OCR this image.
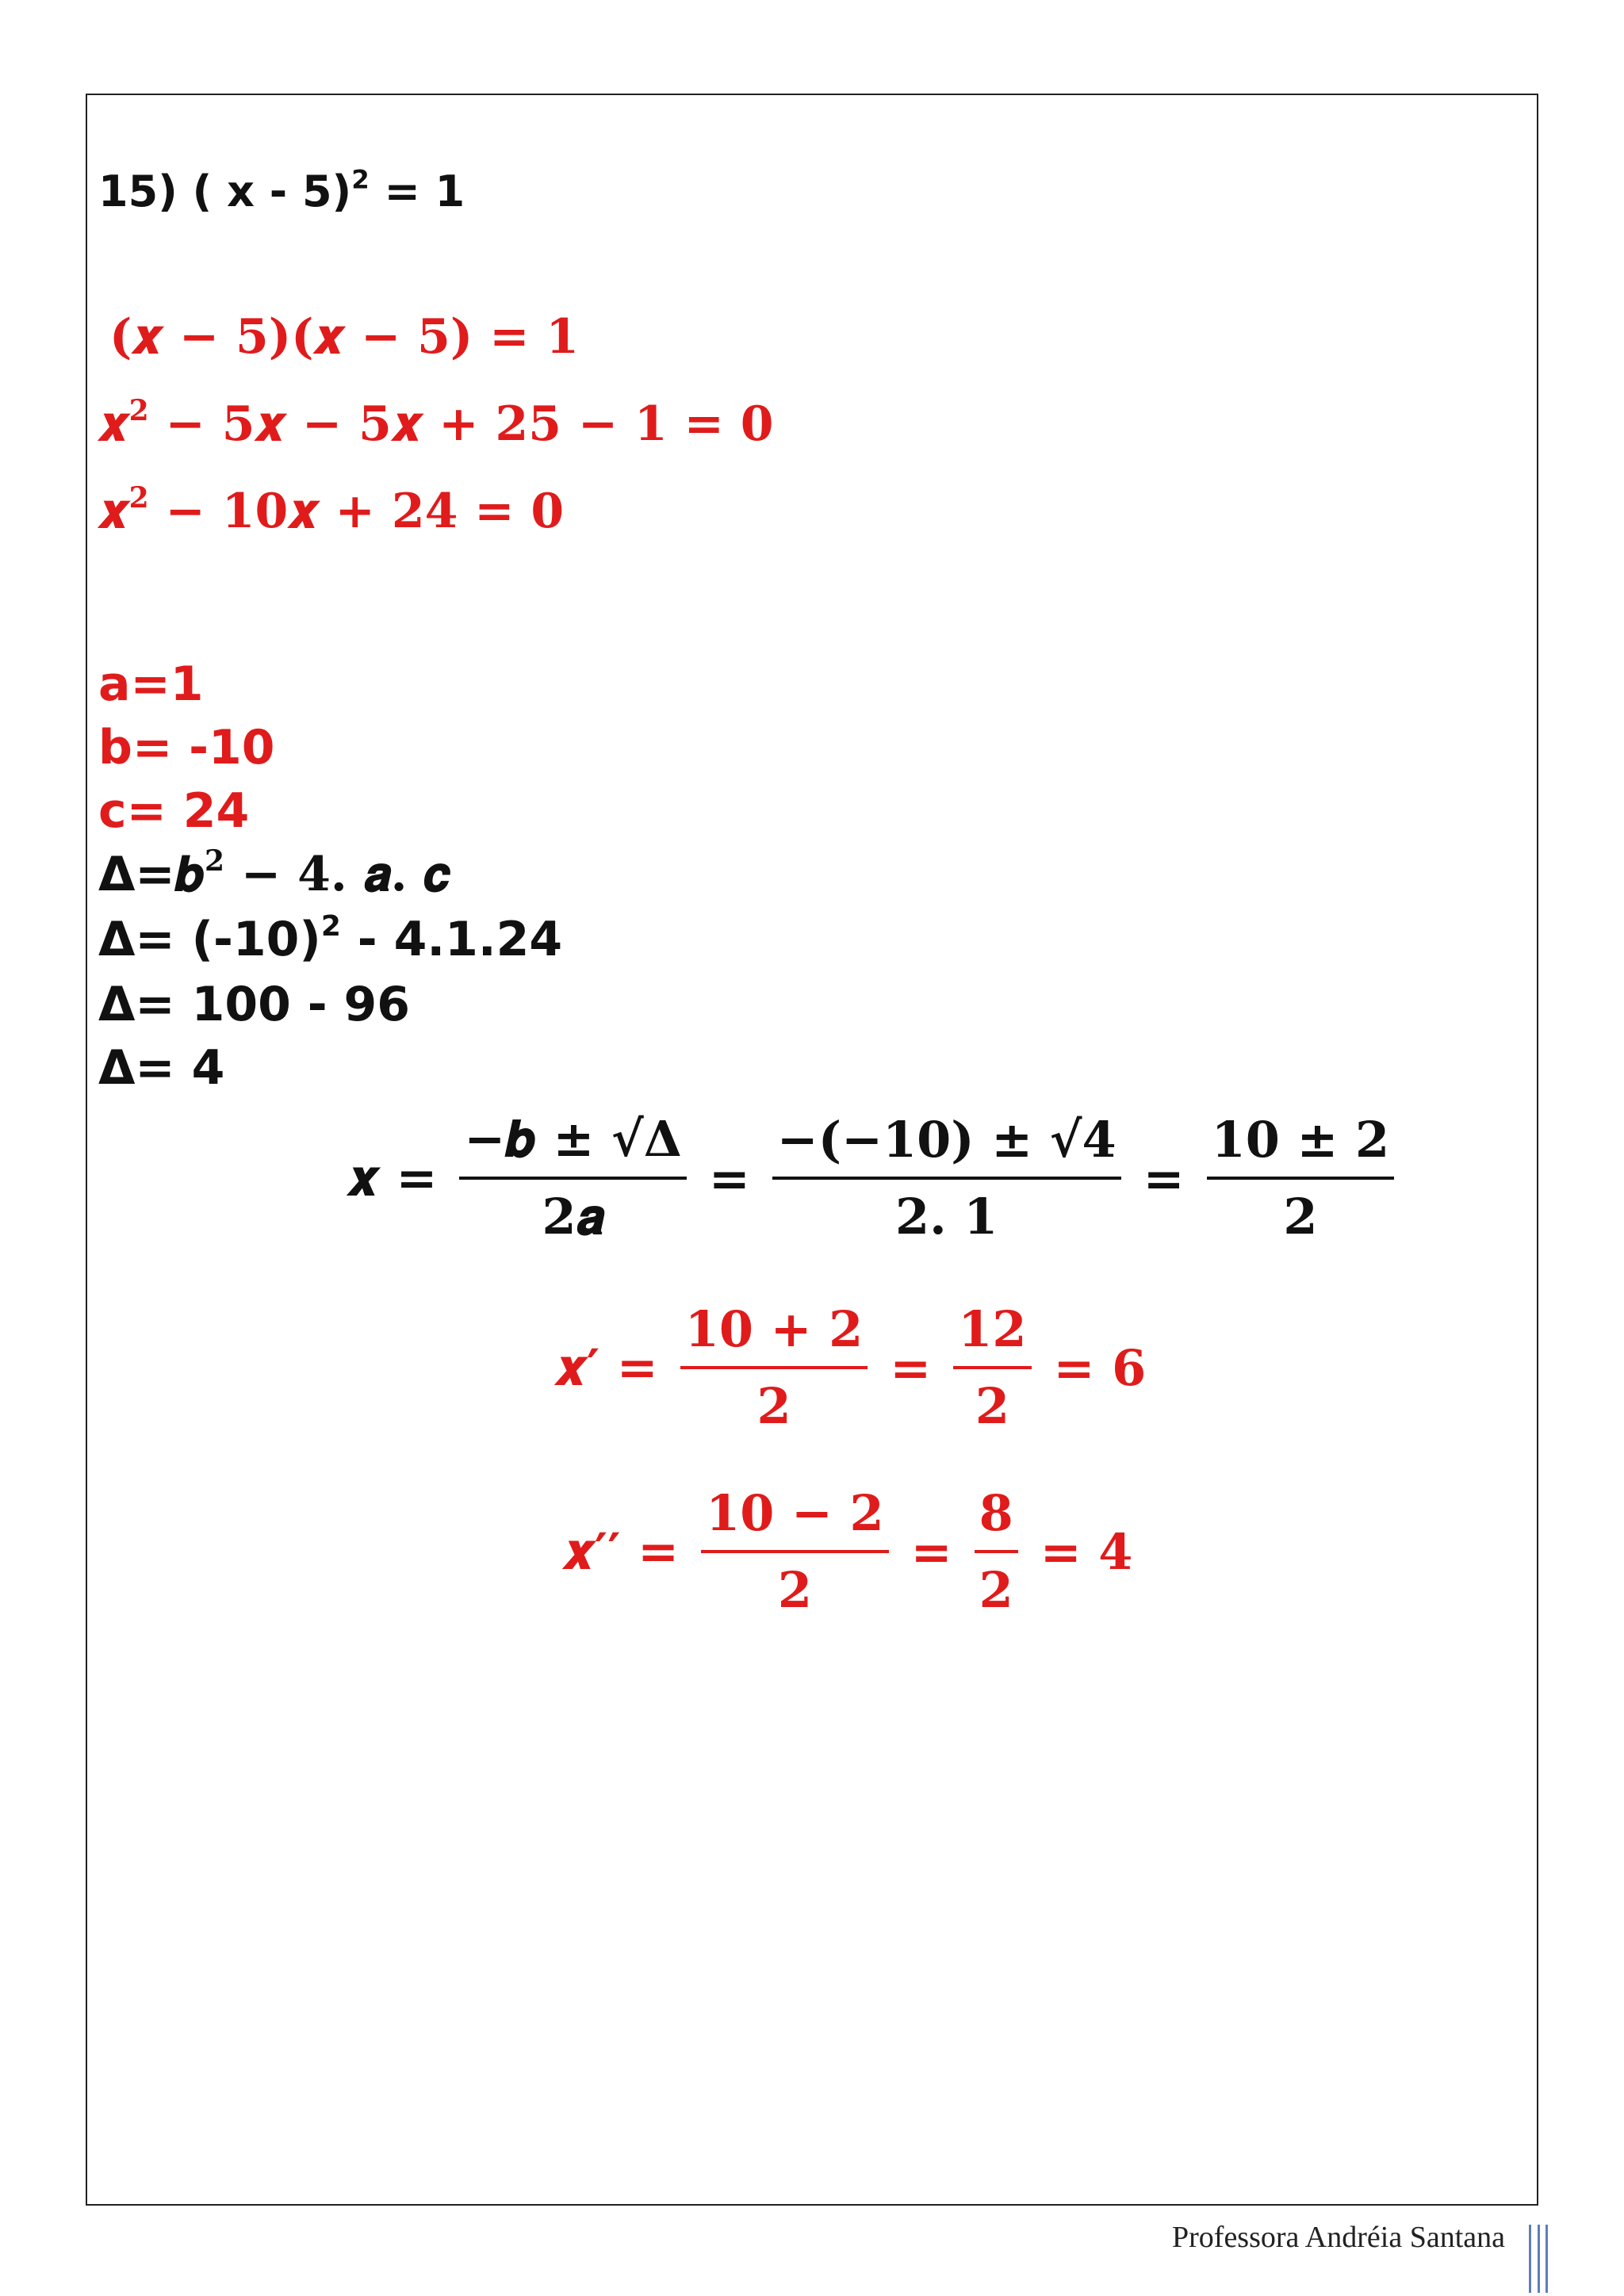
15) ( x - 5)$^2$ = 1
(𝒙 − 𝟓)(𝒙 − 𝟓) = 𝟏
𝒙$^2$ − 𝟓𝒙 − 𝟓𝒙 + 𝟐𝟓 − 𝟏 = 𝟎
𝒙$^2$ − 𝟏𝟎𝒙 + 𝟐𝟒 = 𝟎
a=1
b= -10
c= 24
Δ=𝒃$^2$ − 𝟒. 𝒂. 𝒄
$\Delta= (-10)^2 - 4.1.24$
Δ= 100 - 96
Δ= 4
𝒙 = $\frac{\text{−𝒃 ± √Δ}}{\text{𝟐𝒂}} = \frac{-(-𝟏𝟎) \pm √𝟒}{𝟐. 𝟏} = \frac{𝟏𝟎 \pm 𝟐}{𝟐}$
𝒙′ = $\frac{𝟏𝟎 + 𝟐}{𝟐} = \frac{𝟏𝟐}{𝟐}$ = 𝟔
𝒙′′ = $\frac{𝟏𝟎 - 𝟐}{𝟐} = \frac{𝟖}{𝟐}$ = 𝟒
Professora Andréia Santana
